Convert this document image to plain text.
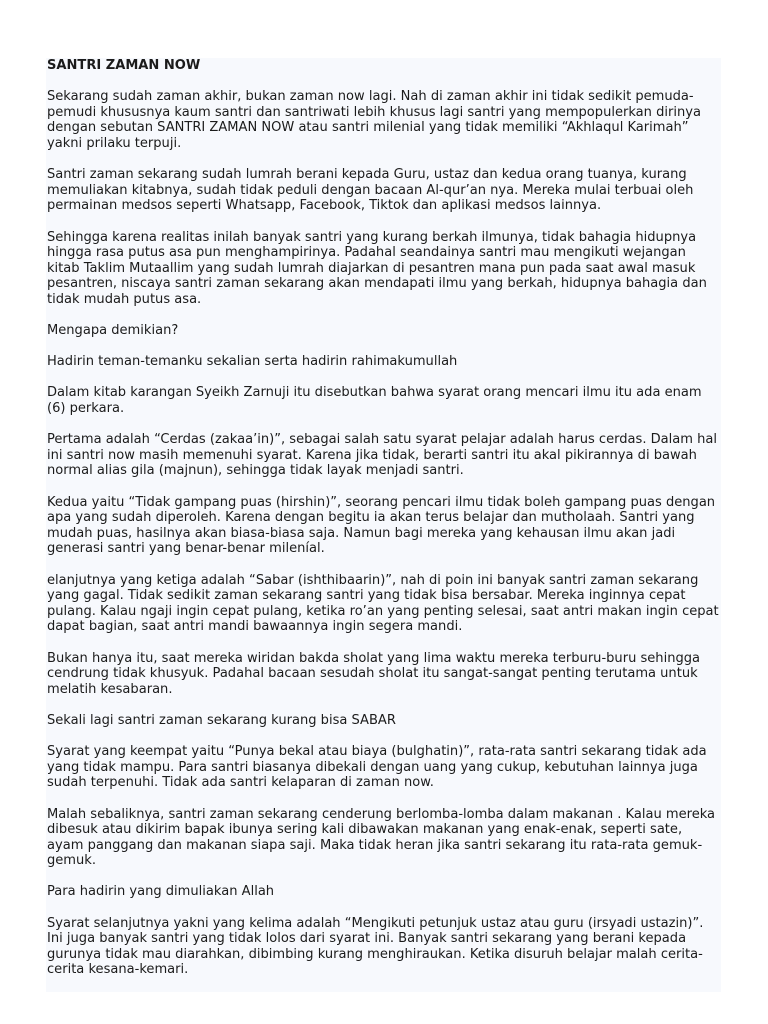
SANTRI ZAMAN NOW
Sekarang sudah zaman akhir, bukan zaman now lagi. Nah di zaman akhir ini tidak sedikit pemuda-pemudi khususnya kaum santri dan santriwati lebih khusus lagi santri yang mempopulerkan dirinya dengan sebutan SANTRI ZAMAN NOW atau santri milenial yang tidak memiliki “Akhlaqul Karimah” yakni prilaku terpuji.
Santri zaman sekarang sudah lumrah berani kepada Guru, ustaz dan kedua orang tuanya, kurang memuliakan kitabnya, sudah tidak peduli dengan bacaan Al-qur’an nya. Mereka mulai terbuai oleh permainan medsos seperti Whatsapp, Facebook, Tiktok dan aplikasi medsos lainnya.
Sehingga karena realitas inilah banyak santri yang kurang berkah ilmunya, tidak bahagia hidupnya hingga rasa putus asa pun menghampirinya. Padahal seandainya santri mau mengikuti wejangan kitab Taklim Mutaallim yang sudah lumrah diajarkan di pesantren mana pun pada saat awal masuk pesantren, niscaya santri zaman sekarang akan mendapati ilmu yang berkah, hidupnya bahagia dan tidak mudah putus asa.
Mengapa demikian?
Hadirin teman-temanku sekalian serta hadirin rahimakumullah
Dalam kitab karangan Syeikh Zarnuji itu disebutkan bahwa syarat orang mencari ilmu itu ada enam (6) perkara.
Pertama adalah “Cerdas (zakaa’in)”, sebagai salah satu syarat pelajar adalah harus cerdas. Dalam hal ini santri now masih memenuhi syarat. Karena jika tidak, berarti santri itu akal pikirannya di bawah normal alias gila (majnun), sehingga tidak layak menjadi santri.
Kedua yaitu “Tidak gampang puas (hirshin)”, seorang pencari ilmu tidak boleh gampang puas dengan apa yang sudah diperoleh. Karena dengan begitu ia akan terus belajar dan mutholaah. Santri yang mudah puas, hasilnya akan biasa-biasa saja. Namun bagi mereka yang kehausan ilmu akan jadi generasi santri yang benar-benar mileníal.
elanjutnya yang ketiga adalah “Sabar (ishthibaarin)”, nah di poin ini banyak santri zaman sekarang yang gagal. Tidak sedikit zaman sekarang santri yang tidak bisa bersabar. Mereka inginnya cepat pulang. Kalau ngaji ingin cepat pulang, ketika ro’an yang penting selesai, saat antri makan ingin cepat dapat bagian, saat antri mandi bawaannya ingin segera mandi.
Bukan hanya itu, saat mereka wiridan bakda sholat yang lima waktu mereka terburu-buru sehingga cendrung tidak khusyuk. Padahal bacaan sesudah sholat itu sangat-sangat penting terutama untuk melatih kesabaran.
Sekali lagi santri zaman sekarang kurang bisa SABAR
Syarat yang keempat yaitu “Punya bekal atau biaya (bulghatin)”, rata-rata santri sekarang tidak ada yang tidak mampu. Para santri biasanya dibekali dengan uang yang cukup, kebutuhan lainnya juga sudah terpenuhi. Tidak ada santri kelaparan di zaman now.
Malah sebaliknya, santri zaman sekarang cenderung berlomba-lomba dalam makanan . Kalau mereka dibesuk atau dikirim bapak ibunya sering kali dibawakan makanan yang enak-enak, seperti sate, ayam panggang dan makanan siapa saji. Maka tidak heran jika santri sekarang itu rata-rata gemuk-gemuk.
Para hadirin yang dimuliakan Allah
Syarat selanjutnya yakni yang kelima adalah “Mengikuti petunjuk ustaz atau guru (irsyadi ustazin)”. Ini juga banyak santri yang tidak lolos dari syarat ini. Banyak santri sekarang yang berani kepada gurunya tidak mau diarahkan, dibimbing kurang menghiraukan. Ketika disuruh belajar malah cerita-cerita kesana-kemari.
